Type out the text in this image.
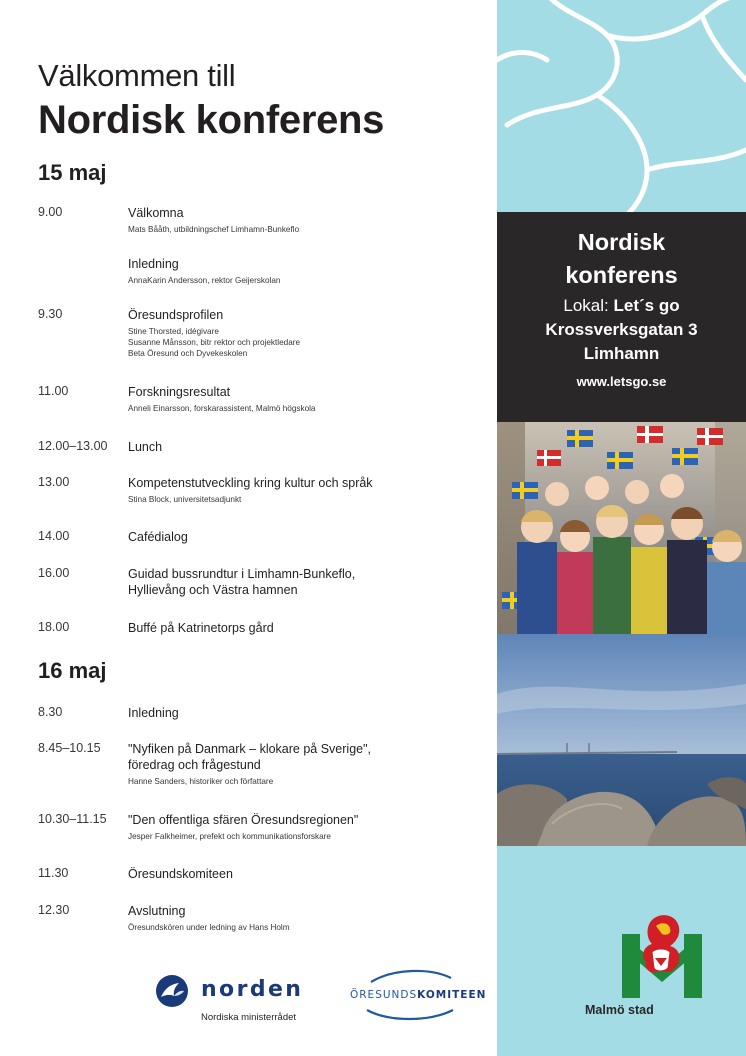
Välkommen till
Nordisk konferens
15 maj
9.00	Välkomna
Mats Bååth, utbildningschef Limhamn-Bunkeflo
Inledning
AnnaKarin Andersson, rektor Geijerskolan
9.30	Öresundsprofilen
Stine Thorsted, idégivare
Susanne Månsson, bitr rektor och projektledare
Beta Öresund och Dyvekeskolen
11.00	Forskningsresultat
Anneli Einarsson, forskarassistent, Malmö högskola
12.00–13.00 Lunch
13.00	Kompetenstutveckling kring kultur och språk
Stina Block, universitetsadjunkt
14.00	Cafédialog
16.00	Guidad bussrundtur i Limhamn-Bunkeflo,
Hyllievång och Västra hamnen
18.00	Buffé på Katrinetorps gård
16 maj
8.30	Inledning
8.45–10.15 "Nyfiken på Danmark – klokare på Sverige",
föredrag och frågestund
Hanne Sanders, historiker och författare
10.30–11.15 "Den offentliga sfären Öresundsregionen"
Jesper Falkheimer, prefekt och kommunikationsforskare
11.30	Öresundskomiteen
12.30	Avslutning
Öresundskören under ledning av Hans Holm
norden
Nordiska ministerrådet
ÖRESUNDSKOMITEEN
Nordisk
konferens
Lokal: Let´s go
Krossverksgatan 3
Limhamn
www.letsgo.se
Malmö stad
